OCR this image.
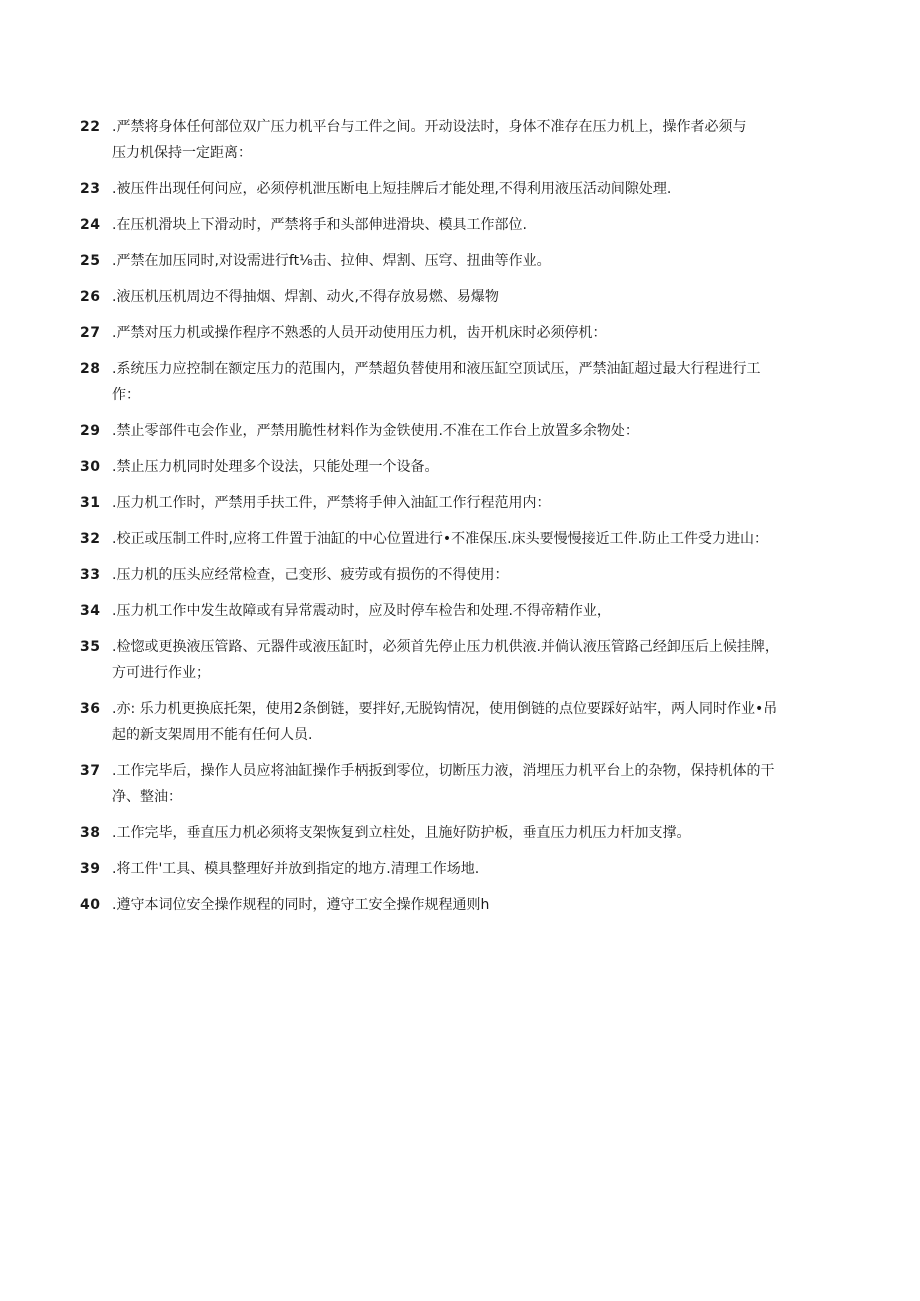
22 .严禁将身体任何部位双广压力机平台与工件之间。开动设法时，身体不准存在压力机上，操作者必须与
压力机保持一定距离：
23 .被压件出现任何问应，必须停机泄压断电上短挂牌后才能处理,不得利用液压活动间隙处理.
24 .在压机滑块上下滑动时，严禁将手和头部伸进滑块、模具工作部位.
25 .严禁在加压同时,对设需进行ft⅛击、拉伸、焊割、压穹、扭曲等作业。
26 .液压机压机周边不得抽烟、焊割、动火,不得存放易燃、易爆物
27 .严禁对压力机或操作程序不熟悉的人员开动使用压力机，齿开机床时必须停机：
28 .系统压力应控制在额定压力的范围内，严禁超负替使用和液压缸空顶试压，严禁油缸超过最大行程进行工
作：
29 .禁止零部件屯会作业，严禁用脆性材料作为金铁使用.不准在工作台上放置多余物处：
30 .禁止压力机同时处理多个设法，只能处理一个设备。
31 .压力机工作时，严禁用手扶工件，严禁将手伸入油缸工作行程范用内：
32 .校正或压制工件时,应将工件置于油缸的中心位置进行•不准保压.床头要慢慢接近工件.防止工件受力进山：
33 .压力机的压头应经常检查，己变形、疲劳或有损伤的不得使用：
34 .压力机工作中发生故障或有异常震动时，应及时停车检告和处理.不得帝精作业，
35 .检惚或更换液压管路、元器件或液压缸时，必须首先停止压力机供液.并倘认液压管路己经卸压后上候挂牌，
方可进行作业；
36 .亦: 乐力机更换底托架，使用2条倒链，要拌好,无脱钩情况，使用倒链的点位要踩好站牢，两人同时作业•吊
起的新支架周用不能有任何人员.
37 .工作完毕后，操作人员应将油缸操作手柄扳到零位，切断压力液，消埋压力机平台上的杂物，保持机体的干
净、整油：
38 .工作完毕，垂直压力机必须将支架恢复到立柱处，且施好防护板，垂直压力机压力杆加支撑。
39 .将工件'工具、模具整理好并放到指定的地方.清理工作场地.
40 .遵守本词位安全操作规程的同时，遵守工安全操作规程通则h
